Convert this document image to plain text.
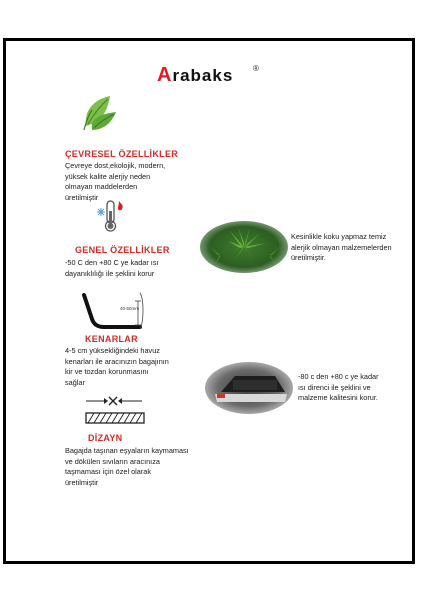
Arabaks ®
ÇEVRESEL ÖZELLİKLER
Çevreye dost,ekolojik, modern,
yüksek kalite alerjiy neden
olmayan maddelerden
üretilmiştir
GENEL ÖZELLİKLER
-50 C den +80 C ye kadar ısı
dayanıklılığı ile şeklini korur
40-50mm
KENARLAR
4-5 cm yüksekliğindeki havuz
kenarları ile aracınızın bagajının
kir ve tozdan korunmasını
sağlar
DİZAYN
Bagajda taşınan eşyaların kaymaması
ve dökülen sıvıların aracınıza
taşmaması için özel olarak
üretilmiştir
Kesinlikle koku yapmaz temiz
alerjik olmayan malzemelerden
üretilmiştir.
-80 c den +80 c ye kadar
ısı direnci ile şeklini ve
malzeme kalitesini korur.
